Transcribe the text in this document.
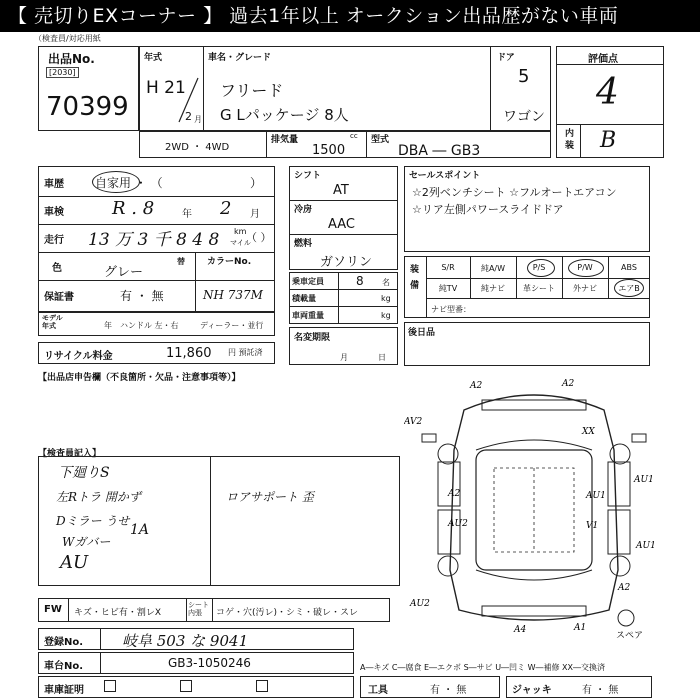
【 売切りEXコーナー 】 過去1年以上 オークション出品歴がない車両
（検査員/対応用紙
出品No.
[2030]
70399
年式
H 21
2 月
車名・グレード
フリード
G Lパッケージ 8人
ドア
5
ワゴン
評価点
4
内装 B
2WD ・ 4WD
排気量	cc
1500
型式
DBA ― GB3
車歴	自家用 ・ （	）
車検	R . 8	年 2 月
走行 13 万 3 千 8 4 8 km
マイル
（ ）
色	グレー
替 カラーNo.
NH 737M
保証書	有 ・ 無
モデル年式	年 ハンドル 左・右	ディーラー・並行
リサイクル料金	11,860 円 預託済
シフト
AT
冷房
AAC
燃料
ガソリン
乗車定員	8 名
積載量	kg
車両重量	kg
名変期限
月	日
セールスポイント
☆2列ベンチシート ☆フルオートエアコン
☆リア左側パワースライドドア
装備
S/R	純A/W	P/S	P/W	ABS
純TV	純ナビ	革シート	外ナビ	エアB
ナビ型番：
後日品
【出品店申告欄（不良箇所・欠品・注意事項等）】
【検査員記入】
下廻りS
左Rトラ 開かず	ロアサポート 歪
Dミラー うせ
1A
Wガバー
AU
A2	A2
AV2
XX
A2	AU1
AU2	V1
AU1
AU1
AU2
A4	A1
A2
スペア
FW キズ・ヒビ有・割レX
シート内張	コゲ・穴(汚レ)・シミ・破レ・スレ
登録No.	岐阜 503 な 9041
車台No.	GB3-1050246	A―キズ C―腐食 E―エクボ S―サビ U―凹ミ W―補修 XX―交換済
車庫証明	工具	有 ・ 無	ジャッキ	有 ・ 無
